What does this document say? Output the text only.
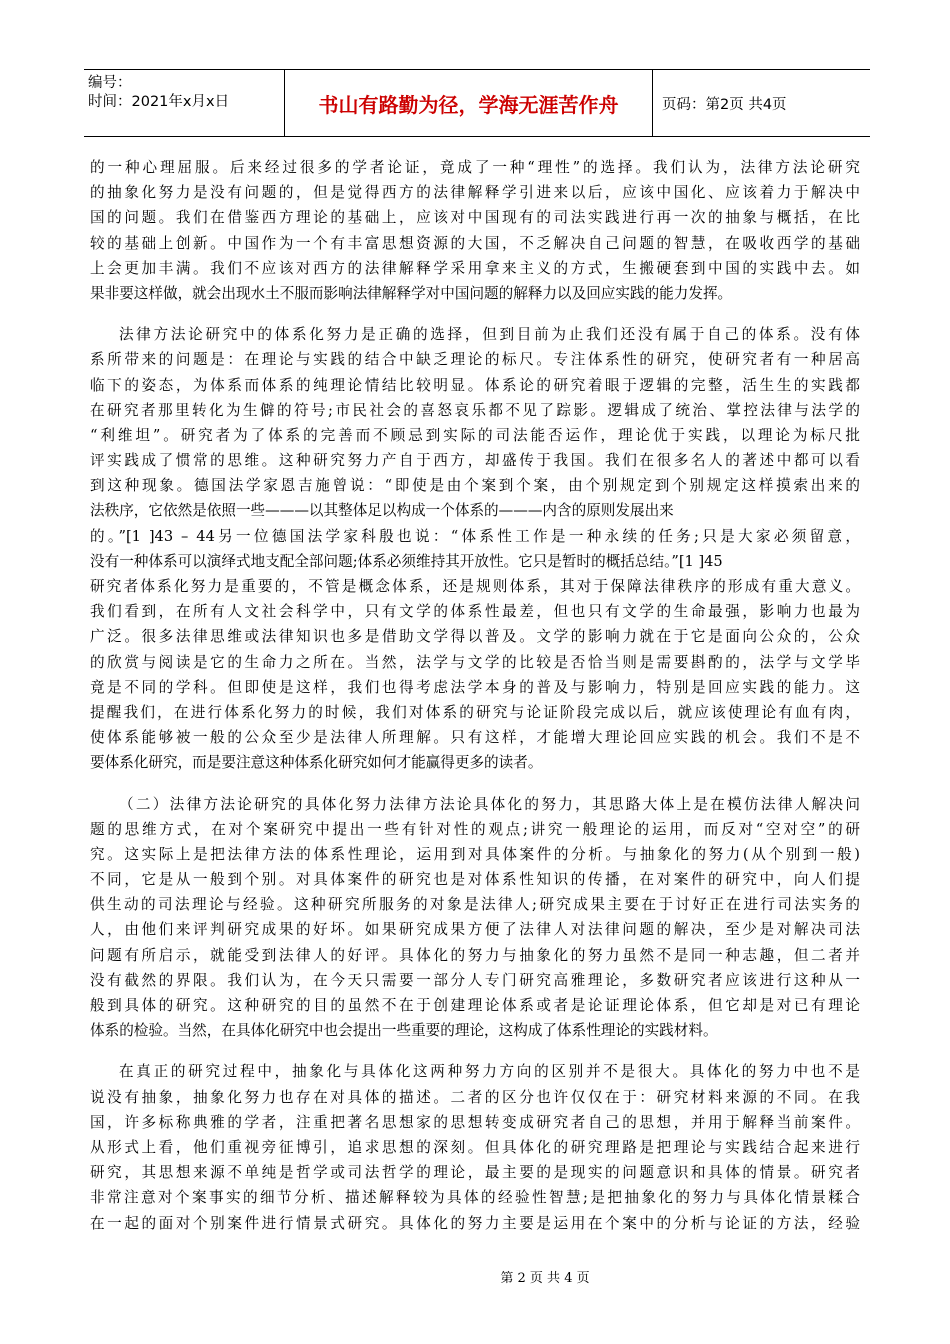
编号：
时间：2021年x月x日	书山有路勤为径，学海无涯苦作舟	页码：第2页 共4页
的一种心理屈服。后来经过很多的学者论证，竟成了一种“理性”的选择。我们认为，法律方法论研究
的抽象化努力是没有问题的，但是觉得西方的法律解释学引进来以后，应该中国化、应该着力于解决中
国的问题。我们在借鉴西方理论的基础上，应该对中国现有的司法实践进行再一次的抽象与概括，在比
较的基础上创新。中国作为一个有丰富思想资源的大国，不乏解决自己问题的智慧，在吸收西学的基础
上会更加丰满。我们不应该对西方的法律解释学采用拿来主义的方式，生搬硬套到中国的实践中去。如
果非要这样做，就会出现水土不服而影响法律解释学对中国问题的解释力以及回应实践的能力发挥。
法律方法论研究中的体系化努力是正确的选择，但到目前为止我们还没有属于自己的体系。没有体
系所带来的问题是：在理论与实践的结合中缺乏理论的标尺。专注体系性的研究，使研究者有一种居高
临下的姿态，为体系而体系的纯理论情结比较明显。体系论的研究着眼于逻辑的完整，活生生的实践都
在研究者那里转化为生僻的符号;市民社会的喜怒哀乐都不见了踪影。逻辑成了统治、掌控法律与法学的
“利维坦”。研究者为了体系的完善而不顾忌到实际的司法能否运作，理论优于实践，以理论为标尺批
评实践成了惯常的思维。这种研究努力产自于西方，却盛传于我国。我们在很多名人的著述中都可以看
到这种现象。德国法学家恩吉施曾说：“即使是由个案到个案，由个别规定到个别规定这样摸索出来的
法秩序，它依然是依照一些———以其整体足以构成一个体系的———内含的原则发展出来
的。”[1 ]43 – 44另一位德国法学家科殷也说：“体系性工作是一种永续的任务;只是大家必须留意，
没有一种体系可以演绎式地支配全部问题;体系必须维持其开放性。它只是暂时的概括总结。”[1 ]45
研究者体系化努力是重要的，不管是概念体系，还是规则体系，其对于保障法律秩序的形成有重大意义。
我们看到，在所有人文社会科学中，只有文学的体系性最差，但也只有文学的生命最强，影响力也最为
广泛。很多法律思维或法律知识也多是借助文学得以普及。文学的影响力就在于它是面向公众的，公众
的欣赏与阅读是它的生命力之所在。当然，法学与文学的比较是否恰当则是需要斟酌的，法学与文学毕
竟是不同的学科。但即使是这样，我们也得考虑法学本身的普及与影响力，特别是回应实践的能力。这
提醒我们，在进行体系化努力的时候，我们对体系的研究与论证阶段完成以后，就应该使理论有血有肉，
使体系能够被一般的公众至少是法律人所理解。只有这样，才能增大理论回应实践的机会。我们不是不
要体系化研究，而是要注意这种体系化研究如何才能赢得更多的读者。
（二）法律方法论研究的具体化努力法律方法论具体化的努力，其思路大体上是在模仿法律人解决问
题的思维方式，在对个案研究中提出一些有针对性的观点;讲究一般理论的运用，而反对“空对空”的研
究。这实际上是把法律方法的体系性理论，运用到对具体案件的分析。与抽象化的努力(从个别到一般)
不同，它是从一般到个别。对具体案件的研究也是对体系性知识的传播，在对案件的研究中，向人们提
供生动的司法理论与经验。这种研究所服务的对象是法律人;研究成果主要在于讨好正在进行司法实务的
人，由他们来评判研究成果的好坏。如果研究成果方便了法律人对法律问题的解决，至少是对解决司法
问题有所启示，就能受到法律人的好评。具体化的努力与抽象化的努力虽然不是同一种志趣，但二者并
没有截然的界限。我们认为，在今天只需要一部分人专门研究高雅理论，多数研究者应该进行这种从一
般到具体的研究。这种研究的目的虽然不在于创建理论体系或者是论证理论体系，但它却是对已有理论
体系的检验。当然，在具体化研究中也会提出一些重要的理论，这构成了体系性理论的实践材料。
在真正的研究过程中，抽象化与具体化这两种努力方向的区别并不是很大。具体化的努力中也不是
说没有抽象，抽象化努力也存在对具体的描述。二者的区分也许仅仅在于：研究材料来源的不同。在我
国，许多标称典雅的学者，注重把著名思想家的思想转变成研究者自己的思想，并用于解释当前案件。
从形式上看，他们重视旁征博引，追求思想的深刻。但具体化的研究理路是把理论与实践结合起来进行
研究，其思想来源不单纯是哲学或司法哲学的理论，最主要的是现实的问题意识和具体的情景。研究者
非常注意对个案事实的细节分析、描述解释较为具体的经验性智慧;是把抽象化的努力与具体化情景糅合
在一起的面对个别案件进行情景式研究。具体化的努力主要是运用在个案中的分析与论证的方法，经验
第 2 页 共 4 页
